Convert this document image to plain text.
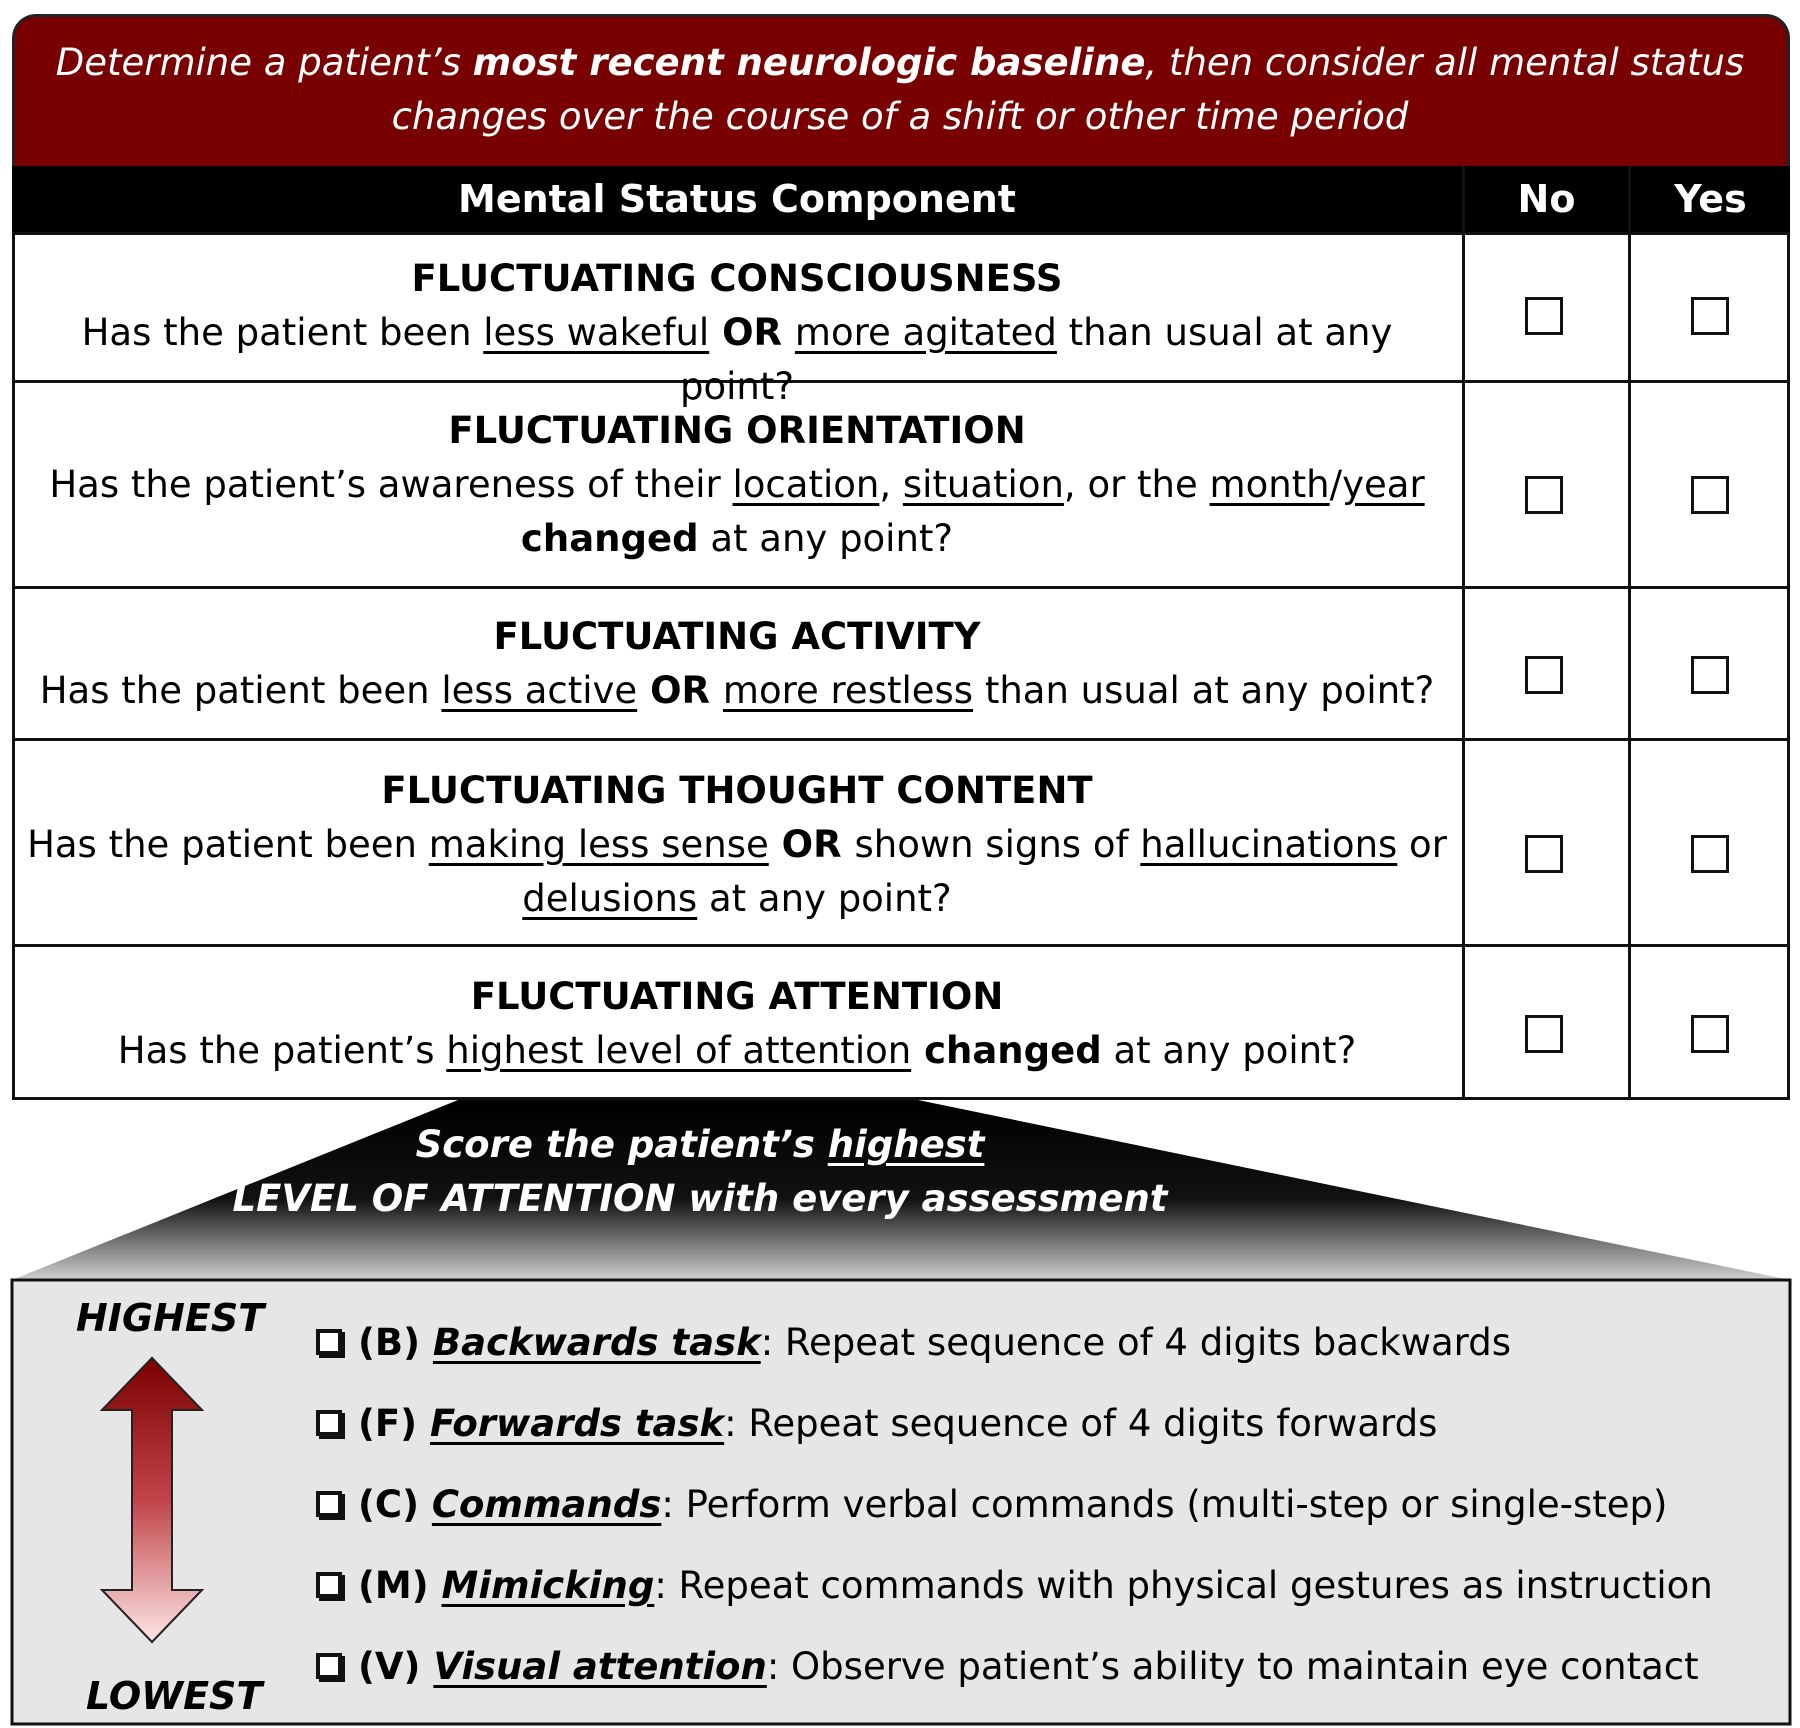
Determine a patient’s most recent neurologic baseline, then consider all mental status
changes over the course of a shift or other time period
Mental Status Component	No	Yes
FLUCTUATING CONSCIOUSNESS
Has the patient been less wakeful OR more agitated than usual at any point?
FLUCTUATING ORIENTATION
Has the patient’s awareness of their location, situation, or the month/year
changed at any point?
FLUCTUATING ACTIVITY
Has the patient been less active OR more restless than usual at any point?
FLUCTUATING THOUGHT CONTENT
Has the patient been making less sense OR shown signs of hallucinations or
delusions at any point?
FLUCTUATING ATTENTION
Has the patient’s highest level of attention changed at any point?
Score the patient’s highest
LEVEL OF ATTENTION with every assessment
HIGHEST
LOWEST
(B) Backwards task: Repeat sequence of 4 digits backwards
(F) Forwards task: Repeat sequence of 4 digits forwards
(C) Commands: Perform verbal commands (multi-step or single-step)
(M) Mimicking: Repeat commands with physical gestures as instruction
(V) Visual attention: Observe patient’s ability to maintain eye contact
